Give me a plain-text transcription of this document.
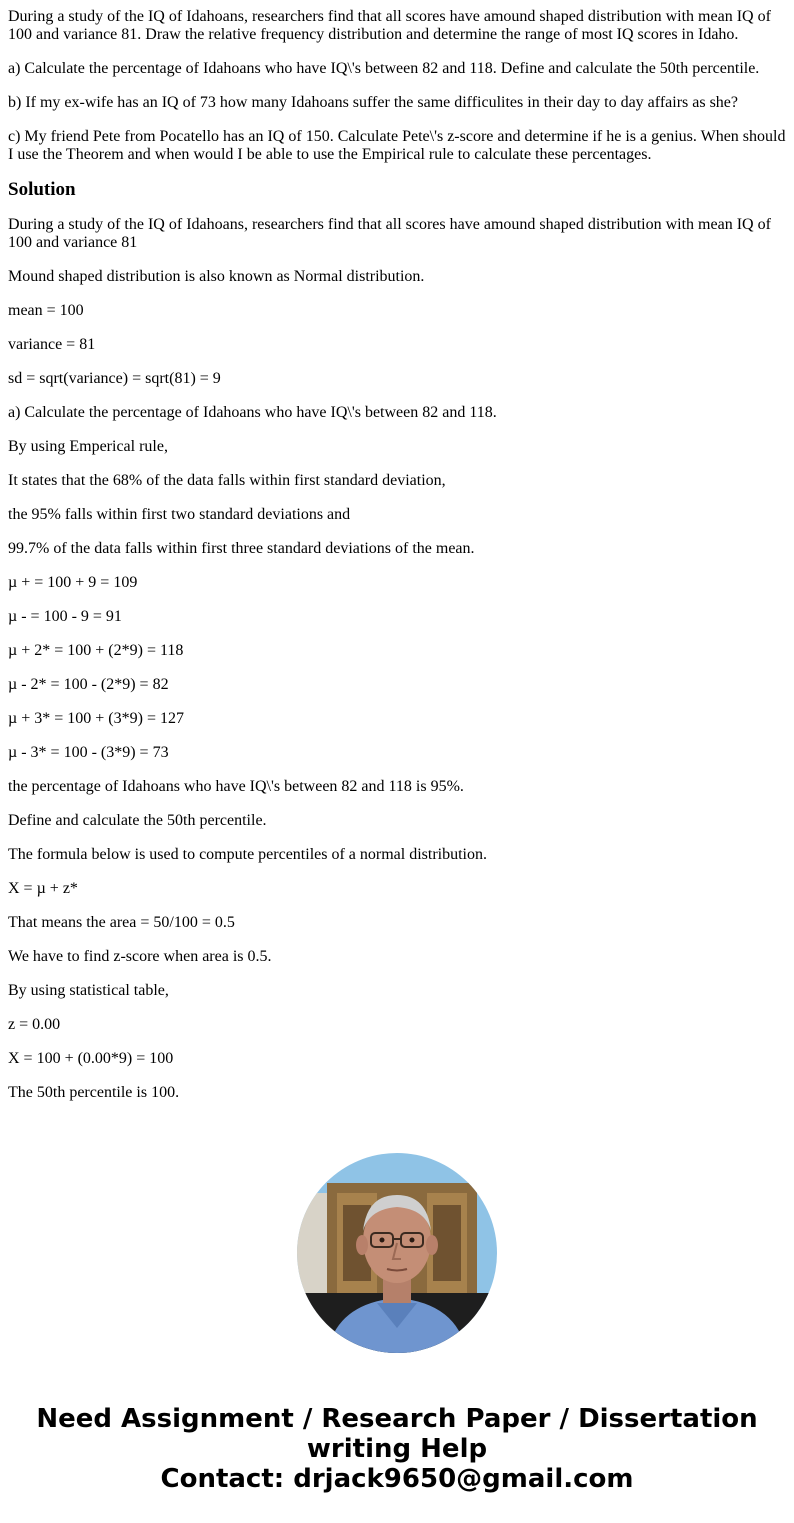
During a study of the IQ of Idahoans, researchers find that all scores have amound shaped distribution with mean IQ of 100 and variance 81. Draw the relative frequency distribution and determine the range of most IQ scores in Idaho.

a) Calculate the percentage of Idahoans who have IQ\'s between 82 and 118. Define and calculate the 50th percentile.

b) If my ex-wife has an IQ of 73 how many Idahoans suffer the same difficulites in their day to day affairs as she?

c) My friend Pete from Pocatello has an IQ of 150. Calculate Pete\'s z-score and determine if he is a genius. When should I use the Theorem and when would I be able to use the Empirical rule to calculate these percentages.

Solution

During a study of the IQ of Idahoans, researchers find that all scores have amound shaped distribution with mean IQ of 100 and variance 81

Mound shaped distribution is also known as Normal distribution.

mean = 100

variance = 81

sd = sqrt(variance) = sqrt(81) = 9

a) Calculate the percentage of Idahoans who have IQ\'s between 82 and 118.

By using Emperical rule,

It states that the 68% of the data falls within first standard deviation,

the 95% falls within first two standard deviations and

99.7% of the data falls within first three standard deviations of the mean.

µ + = 100 + 9 = 109

µ - = 100 - 9 = 91

µ + 2* = 100 + (2*9) = 118

µ - 2* = 100 - (2*9) = 82

µ + 3* = 100 + (3*9) = 127

µ - 3* = 100 - (3*9) = 73

the percentage of Idahoans who have IQ\'s between 82 and 118 is 95%.

Define and calculate the 50th percentile.

The formula below is used to compute percentiles of a normal distribution.

X = µ + z*

That means the area = 50/100 = 0.5

We have to find z-score when area is 0.5.

By using statistical table,

z = 0.00

X = 100 + (0.00*9) = 100

The 50th percentile is 100.

Need Assignment / Research Paper / Dissertation
writing Help
Contact: drjack9650@gmail.com
